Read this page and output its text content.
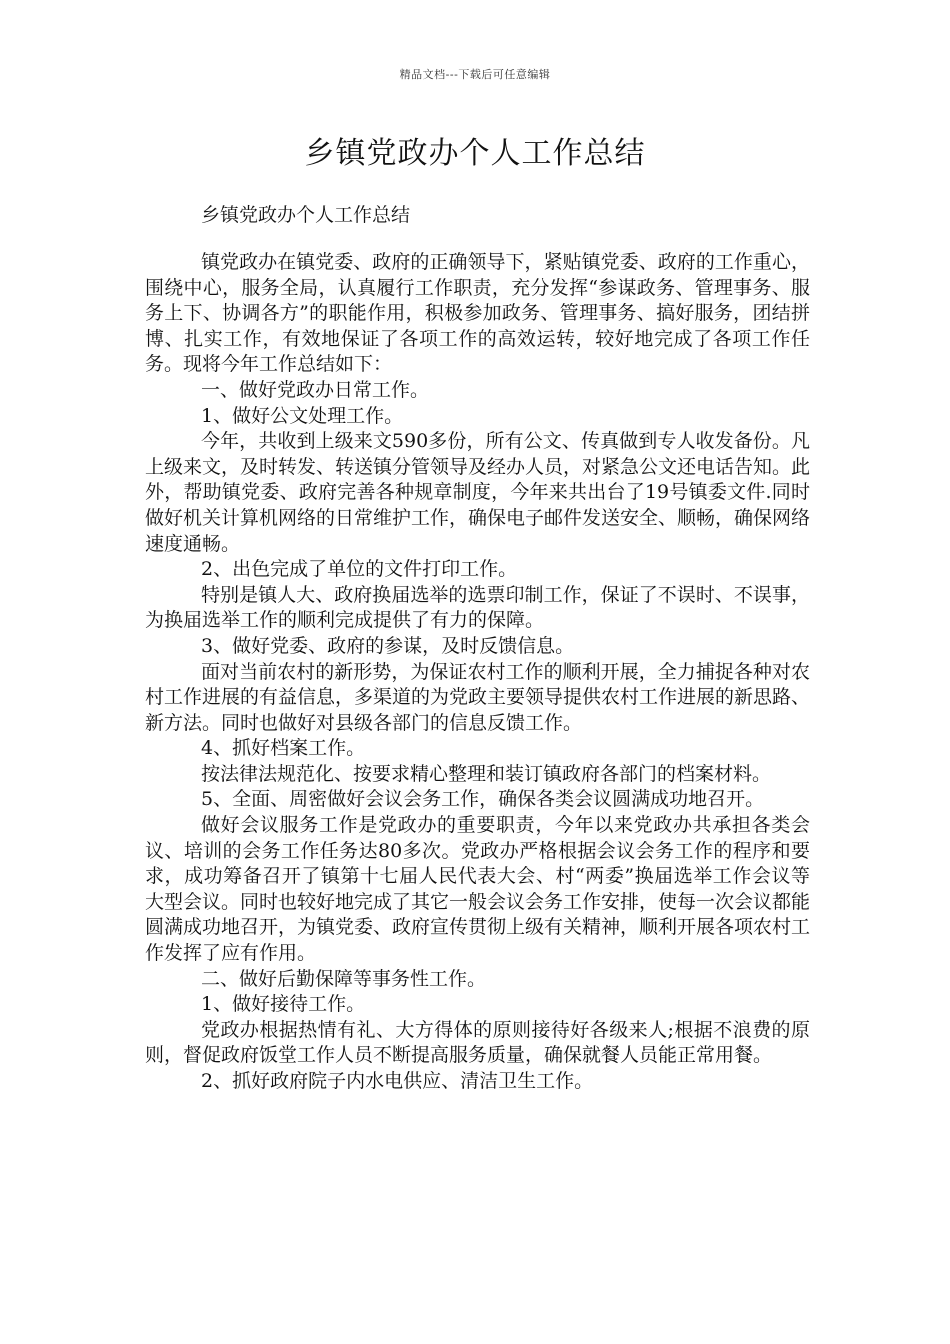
精品文档---下载后可任意编辑
乡镇党政办个人工作总结
乡镇党政办个人工作总结

镇党政办在镇党委、政府的正确领导下，紧贴镇党委、政府的工作重心，围绕中心，服务全局，认真履行工作职责，充分发挥“参谋政务、管理事务、服务上下、协调各方”的职能作用，积极参加政务、管理事务、搞好服务，团结拼博、扎实工作，有效地保证了各项工作的高效运转，较好地完成了各项工作任务。现将今年工作总结如下：

一、做好党政办日常工作。

1、做好公文处理工作。

今年，共收到上级来文590多份，所有公文、传真做到专人收发备份。凡上级来文，及时转发、转送镇分管领导及经办人员，对紧急公文还电话告知。此外，帮助镇党委、政府完善各种规章制度，今年来共出台了19号镇委文件.同时做好机关计算机网络的日常维护工作，确保电子邮件发送安全、顺畅，确保网络速度通畅。

2、出色完成了单位的文件打印工作。

特别是镇人大、政府换届选举的选票印制工作，保证了不误时、不误事，为换届选举工作的顺利完成提供了有力的保障。

3、做好党委、政府的参谋，及时反馈信息。

面对当前农村的新形势，为保证农村工作的顺利开展，全力捕捉各种对农村工作进展的有益信息，多渠道的为党政主要领导提供农村工作进展的新思路、新方法。同时也做好对县级各部门的信息反馈工作。

4、抓好档案工作。

按法律法规范化、按要求精心整理和装订镇政府各部门的档案材料。

5、全面、周密做好会议会务工作，确保各类会议圆满成功地召开。

做好会议服务工作是党政办的重要职责，今年以来党政办共承担各类会议、培训的会务工作任务达80多次。党政办严格根据会议会务工作的程序和要求，成功筹备召开了镇第十七届人民代表大会、村“两委”换届选举工作会议等大型会议。同时也较好地完成了其它一般会议会务工作安排，使每一次会议都能圆满成功地召开，为镇党委、政府宣传贯彻上级有关精神，顺利开展各项农村工作发挥了应有作用。

二、做好后勤保障等事务性工作。

1、做好接待工作。

党政办根据热情有礼、大方得体的原则接待好各级来人;根据不浪费的原则，督促政府饭堂工作人员不断提高服务质量，确保就餐人员能正常用餐。

2、抓好政府院子内水电供应、清洁卫生工作。
